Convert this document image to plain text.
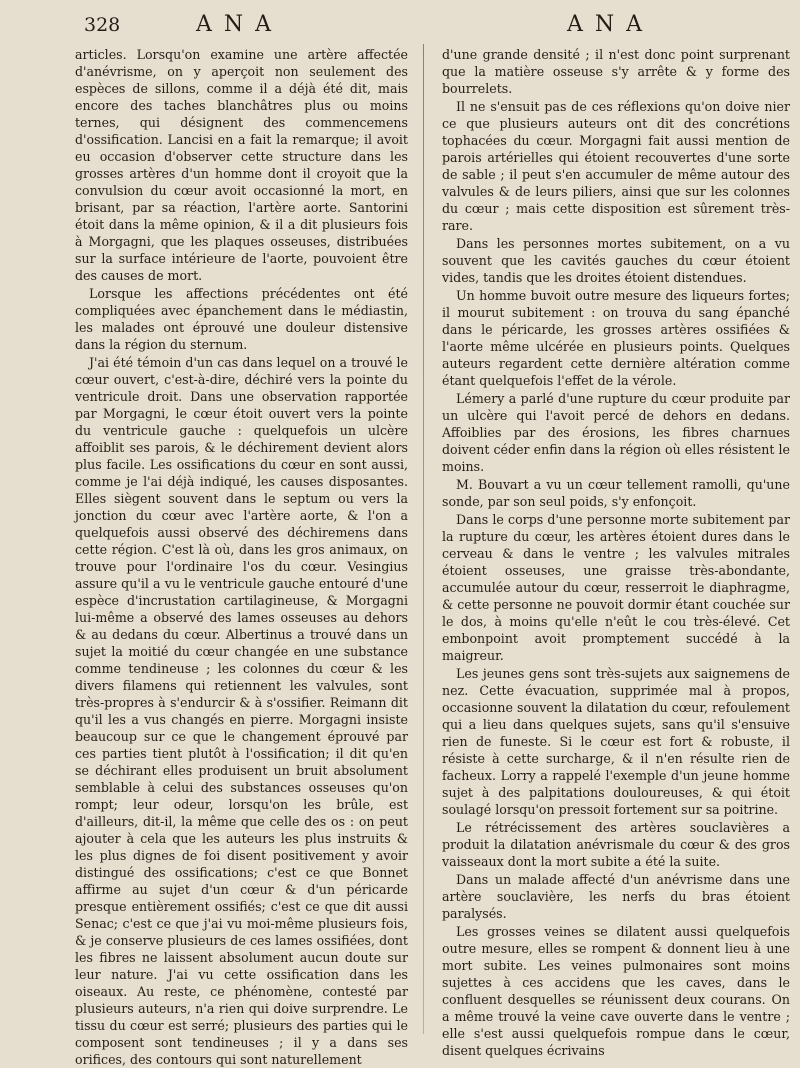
328	ANA	ANA

articles. Lorsqu'on examine une artère affectée d'anévrisme, on y aperçoit non seulement des espèces de sillons, comme il a déjà été dit, mais encore des taches blanchâtres plus ou moins ternes, qui désignent des commencemens d'ossification. Lancisi en a fait la remarque; il avoit eu occasion d'observer cette structure dans les grosses artères d'un homme dont il croyoit que la convulsion du cœur avoit occasionné la mort, en brisant, par sa réaction, l'artère aorte. Santorini étoit dans la même opinion, & il a dit plusieurs fois à Morgagni, que les plaques osseuses, distribuées sur la surface intérieure de l'aorte, pouvoient être des causes de mort.

Lorsque les affections précédentes ont été compliquées avec épanchement dans le médiastin, les malades ont éprouvé une douleur distensive dans la région du sternum.

J'ai été témoin d'un cas dans lequel on a trouvé le cœur ouvert, c'est-à-dire, déchiré vers la pointe du ventricule droit. Dans une observation rapportée par Morgagni, le cœur étoit ouvert vers la pointe du ventricule gauche : quelquefois un ulcère affoiblit ses parois, & le déchirement devient alors plus facile. Les ossifications du cœur en sont aussi, comme je l'ai déjà indiqué, les causes disposantes. Elles siègent souvent dans le septum ou vers la jonction du cœur avec l'artère aorte, & l'on a quelquefois aussi observé des déchiremens dans cette région. C'est là où, dans les gros animaux, on trouve pour l'ordinaire l'os du cœur. Vesingius assure qu'il a vu le ventricule gauche entouré d'une espèce d'incrustation cartilagineuse, & Morgagni lui-même a observé des lames osseuses au dehors & au dedans du cœur. Albertinus a trouvé dans un sujet la moitié du cœur changée en une substance comme tendineuse ; les colonnes du cœur & les divers filamens qui retiennent les valvules, sont très-propres à s'endurcir & à s'ossifier. Reimann dit qu'il les a vus changés en pierre. Morgagni insiste beaucoup sur ce que le changement éprouvé par ces parties tient plutôt à l'ossification; il dit qu'en se déchirant elles produisent un bruit absolument semblable à celui des substances osseuses qu'on rompt; leur odeur, lorsqu'on les brûle, est d'ailleurs, dit-il, la même que celle des os : on peut ajouter à cela que les auteurs les plus instruits & les plus dignes de foi disent positivement y avoir distingué des ossifications; c'est ce que Bonnet affirme au sujet d'un cœur & d'un péricarde presque entièrement ossifiés; c'est ce que dit aussi Senac; c'est ce que j'ai vu moi-même plusieurs fois, & je conserve plusieurs de ces lames ossifiées, dont les fibres ne laissent absolument aucun doute sur leur nature. J'ai vu cette ossification dans les oiseaux. Au reste, ce phénomène, contesté par plusieurs auteurs, n'a rien qui doive surprendre. Le tissu du cœur est serré; plusieurs des parties qui le composent sont tendineuses ; il y a dans ses orifices, des contours qui sont naturellement

d'une grande densité ; il n'est donc point surprenant que la matière osseuse s'y arrête & y forme des bourrelets.

Il ne s'ensuit pas de ces réflexions qu'on doive nier ce que plusieurs auteurs ont dit des concrétions tophacées du cœur. Morgagni fait aussi mention de parois artérielles qui étoient recouvertes d'une sorte de sable ; il peut s'en accumuler de même autour des valvules & de leurs piliers, ainsi que sur les colonnes du cœur ; mais cette disposition est sûrement très-rare.

Dans les personnes mortes subitement, on a vu souvent que les cavités gauches du cœur étoient vides, tandis que les droites étoient distendues.

Un homme buvoit outre mesure des liqueurs fortes; il mourut subitement : on trouva du sang épanché dans le péricarde, les grosses artères ossifiées & l'aorte même ulcérée en plusieurs points. Quelques auteurs regardent cette dernière altération comme étant quelquefois l'effet de la vérole.

Lémery a parlé d'une rupture du cœur produite par un ulcère qui l'avoit percé de dehors en dedans. Affoiblies par des érosions, les fibres charnues doivent céder enfin dans la région où elles résistent le moins.

M. Bouvart a vu un cœur tellement ramolli, qu'une sonde, par son seul poids, s'y enfonçoit.

Dans le corps d'une personne morte subitement par la rupture du cœur, les artères étoient dures dans le cerveau & dans le ventre ; les valvules mitrales étoient osseuses, une graisse très-abondante, accumulée autour du cœur, resserroit le diaphragme, & cette personne ne pouvoit dormir étant couchée sur le dos, à moins qu'elle n'eût le cou très-élevé. Cet embonpoint avoit promptement succédé à la maigreur.

Les jeunes gens sont très-sujets aux saignemens de nez. Cette évacuation, supprimée mal à propos, occasionne souvent la dilatation du cœur, refoulement qui a lieu dans quelques sujets, sans qu'il s'ensuive rien de funeste. Si le cœur est fort & robuste, il résiste à cette surcharge, & il n'en résulte rien de facheux. Lorry a rappelé l'exemple d'un jeune homme sujet à des palpitations douloureuses, & qui étoit soulagé lorsqu'on pressoit fortement sur sa poitrine.

Le rétrécissement des artères souclavières a produit la dilatation anévrismale du cœur & des gros vaisseaux dont la mort subite a été la suite.

Dans un malade affecté d'un anévrisme dans une artère souclavière, les nerfs du bras étoient paralysés.

Les grosses veines se dilatent aussi quelquefois outre mesure, elles se rompent & donnent lieu à une mort subite. Les veines pulmonaires sont moins sujettes à ces accidens que les caves, dans le confluent desquelles se réunissent deux courans. On a même trouvé la veine cave ouverte dans le ventre ; elle s'est aussi quelquefois rompue dans le cœur, disent quelques écrivains
